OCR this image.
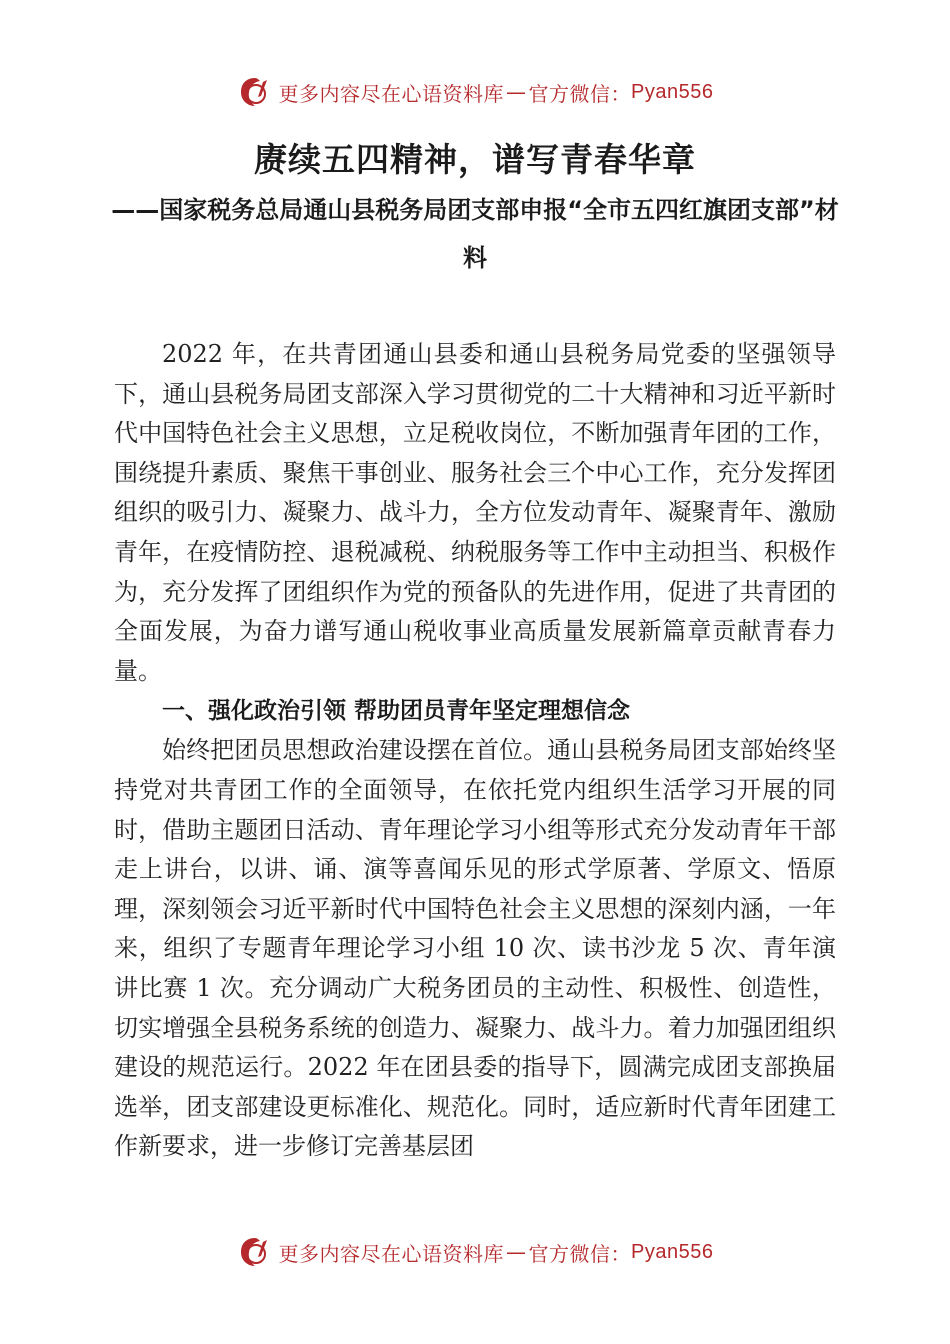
更多内容尽在心语资料库 — 官方微信： Pyan556
赓续五四精神，谱写青春华章
——国家税务总局通山县税务局团支部申报“全市五四红旗团支部”材料

2022 年，在共青团通山县委和通山县税务局党委的坚强领导下，通山县税务局团支部深入学习贯彻党的二十大精神和习近平新时代中国特色社会主义思想，立足税收岗位，不断加强青年团的工作，围绕提升素质、聚焦干事创业、服务社会三个中心工作，充分发挥团组织的吸引力、凝聚力、战斗力，全方位发动青年、凝聚青年、激励青年，在疫情防控、退税减税、纳税服务等工作中主动担当、积极作为，充分发挥了团组织作为党的预备队的先进作用，促进了共青团的全面发展，为奋力谱写通山税收事业高质量发展新篇章贡献青春力量。

一、强化政治引领 帮助团员青年坚定理想信念

始终把团员思想政治建设摆在首位。通山县税务局团支部始终坚持党对共青团工作的全面领导，在依托党内组织生活学习开展的同时，借助主题团日活动、青年理论学习小组等形式充分发动青年干部走上讲台，以讲、诵、演等喜闻乐见的形式学原著、学原文、悟原理，深刻领会习近平新时代中国特色社会主义思想的深刻内涵，一年来，组织了专题青年理论学习小组 10 次、读书沙龙 5 次、青年演讲比赛 1 次。充分调动广大税务团员的主动性、积极性、创造性，切实增强全县税务系统的创造力、凝聚力、战斗力。着力加强团组织建设的规范运行。2022 年在团县委的指导下，圆满完成团支部换届选举，团支部建设更标准化、规范化。同时，适应新时代青年团建工作新要求，进一步修订完善基层团

更多内容尽在心语资料库 — 官方微信： Pyan556
